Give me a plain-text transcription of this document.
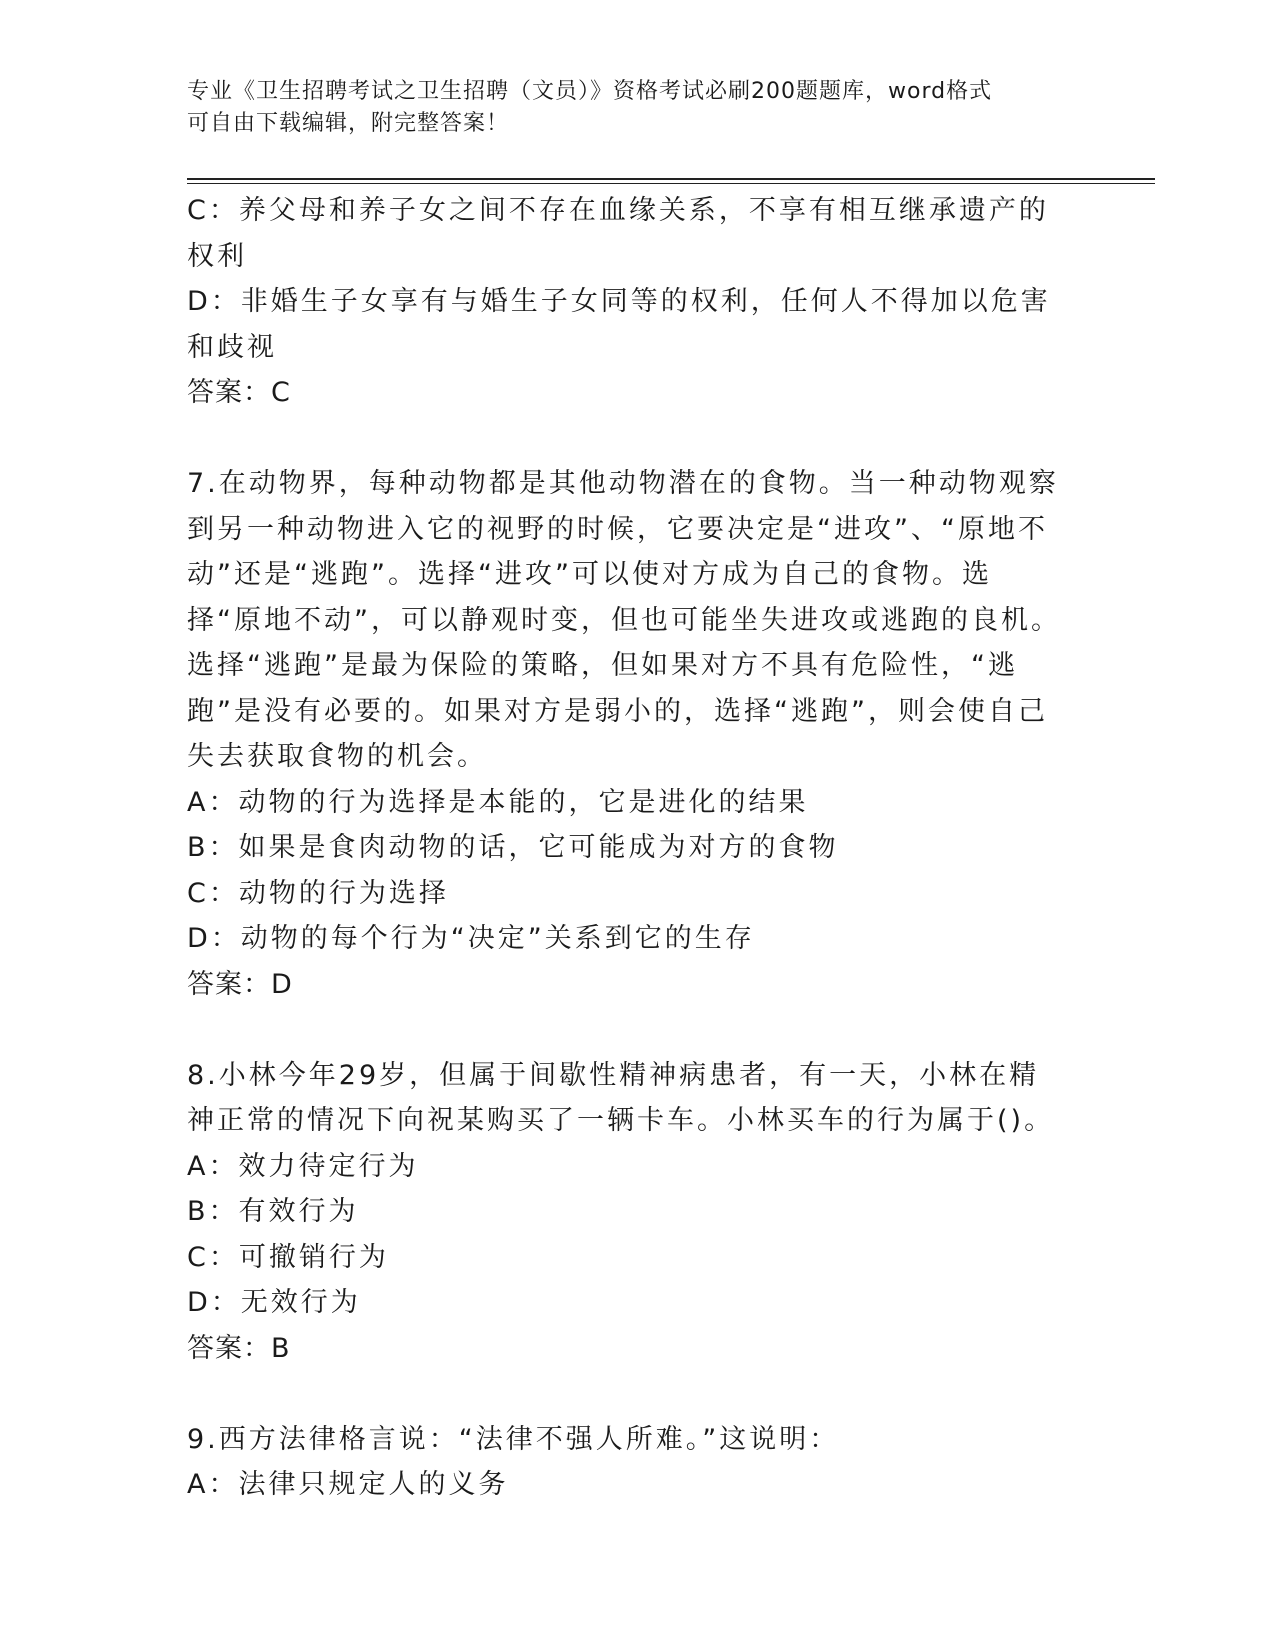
专业《卫生招聘考试之卫生招聘（文员）》资格考试必刷200题题库，word格式
可自由下载编辑，附完整答案！

C：养父母和养子女之间不存在血缘关系，不享有相互继承遗产的权利

D：非婚生子女享有与婚生子女同等的权利，任何人不得加以危害和歧视

答案：C

7.在动物界，每种动物都是其他动物潜在的食物。当一种动物观察到另一种动物进入它的视野的时候，它要决定是“进攻”、“原地不动”还是“逃跑”。选择“进攻”可以使对方成为自己的食物。选择“原地不动”，可以静观时变，但也可能坐失进攻或逃跑的良机。选择“逃跑”是最为保险的策略，但如果对方不具有危险性，“逃跑”是没有必要的。如果对方是弱小的，选择“逃跑”，则会使自己失去获取食物的机会。

A：动物的行为选择是本能的，它是进化的结果

B：如果是食肉动物的话，它可能成为对方的食物

C：动物的行为选择

D：动物的每个行为“决定”关系到它的生存

答案：D

8.小林今年29岁，但属于间歇性精神病患者，有一天，小林在精神正常的情况下向祝某购买了一辆卡车。小林买车的行为属于()。

A：效力待定行为

B：有效行为

C：可撤销行为

D：无效行为

答案：B

9.西方法律格言说：“法律不强人所难。”这说明：

A：法律只规定人的义务
